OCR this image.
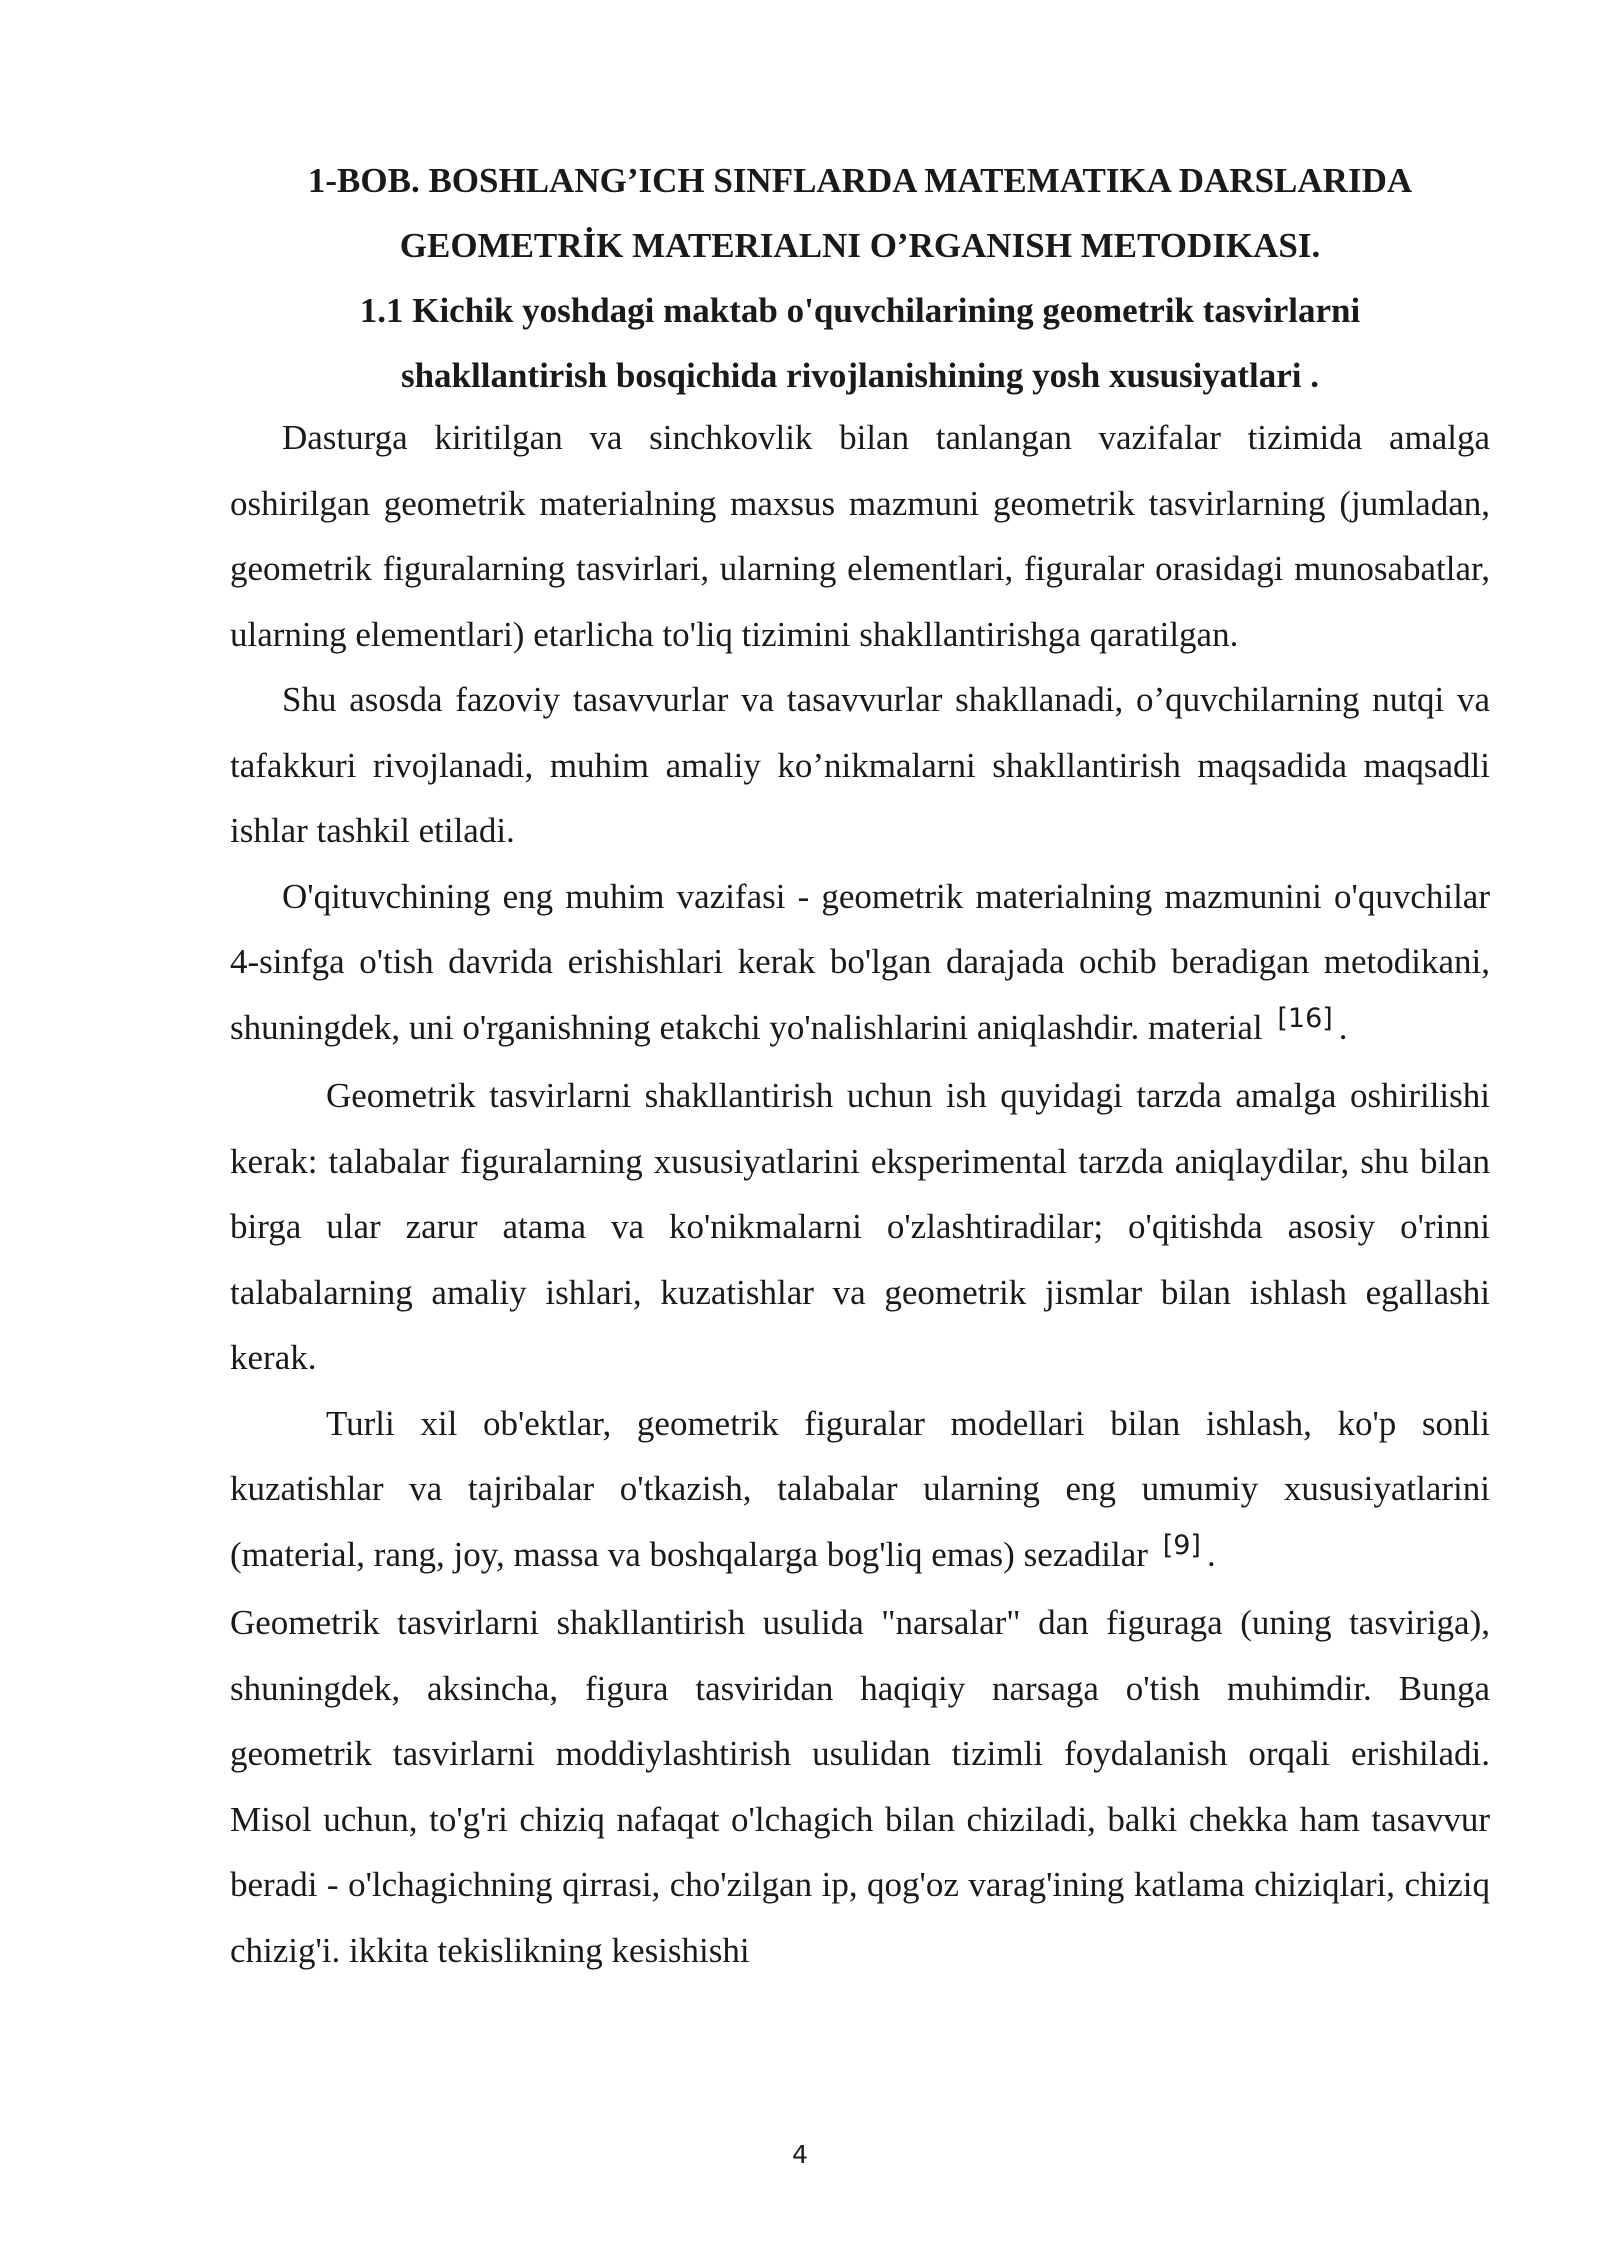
1-BOB. BOSHLANG’ICH SINFLARDA MATEMATIKA DARSLARIDA

GEOMETRİK MATERIALNI O’RGANISH METODIKASI.

1.1 Kichik yoshdagi maktab o'quvchilarining geometrik tasvirlarni

shakllantirish bosqichida rivojlanishining yosh xususiyatlari .

Dasturga kiritilgan va sinchkovlik bilan tanlangan vazifalar tizimida amalga oshirilgan geometrik materialning maxsus mazmuni geometrik tasvirlarning (jumladan, geometrik figuralarning tasvirlari, ularning elementlari, figuralar orasidagi munosabatlar, ularning elementlari) etarlicha to'liq tizimini shakllantirishga qaratilgan.

Shu asosda fazoviy tasavvurlar va tasavvurlar shakllanadi, o’quvchilarning nutqi va tafakkuri rivojlanadi, muhim amaliy ko’nikmalarni shakllantirish maqsadida maqsadli ishlar tashkil etiladi.

O'qituvchining eng muhim vazifasi - geometrik materialning mazmunini o'quvchilar 4-sinfga o'tish davrida erishishlari kerak bo'lgan darajada ochib beradigan metodikani, shuningdek, uni o'rganishning etakchi yo'nalishlarini aniqlashdir. material [16] .

Geometrik tasvirlarni shakllantirish uchun ish quyidagi tarzda amalga oshirilishi kerak: talabalar figuralarning xususiyatlarini eksperimental tarzda aniqlaydilar, shu bilan birga ular zarur atama va ko'nikmalarni o'zlashtiradilar; o'qitishda asosiy o'rinni talabalarning amaliy ishlari, kuzatishlar va geometrik jismlar bilan ishlash egallashi kerak.

Turli xil ob'ektlar, geometrik figuralar modellari bilan ishlash, ko'p sonli kuzatishlar va tajribalar o'tkazish, talabalar ularning eng umumiy xususiyatlarini (material, rang, joy, massa va boshqalarga bog'liq emas) sezadilar [9] .

Geometrik tasvirlarni shakllantirish usulida "narsalar" dan figuraga (uning tasviriga), shuningdek, aksincha, figura tasviridan haqiqiy narsaga o'tish muhimdir. Bunga geometrik tasvirlarni moddiylashtirish usulidan tizimli foydalanish orqali erishiladi. Misol uchun, to'g'ri chiziq nafaqat o'lchagich bilan chiziladi, balki chekka ham tasavvur beradi - o'lchagichning qirrasi, cho'zilgan ip, qog'oz varag'ining katlama chiziqlari, chiziq chizig'i. ikkita tekislikning kesishishi

4
